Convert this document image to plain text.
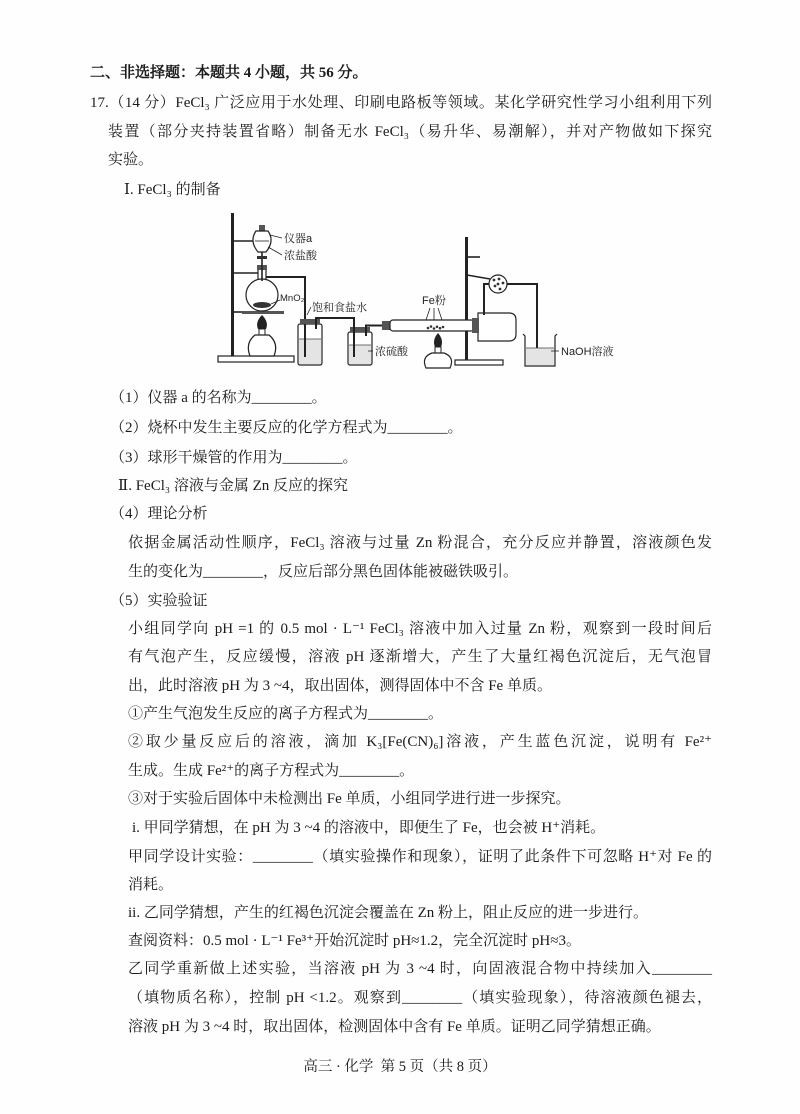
二、非选择题：本题共 4 小题，共 56 分。
17.（14 分）FeCl₃ 广泛应用于水处理、印刷电路板等领域。某化学研究性学习小组利用下列
装置（部分夹持装置省略）制备无水 FeCl₃（易升华、易潮解），并对产物做如下探究
实验。
Ⅰ. FeCl₃ 的制备
仪器a
浓盐酸
MnO₂
饱和食盐水
浓硫酸
Fe粉
NaOH溶液
（1）仪器 a 的名称为________。
（2）烧杯中发生主要反应的化学方程式为________。
（3）球形干燥管的作用为________。
Ⅱ. FeCl₃ 溶液与金属 Zn 反应的探究
（4）理论分析
依据金属活动性顺序，FeCl₃ 溶液与过量 Zn 粉混合，充分反应并静置，溶液颜色发
生的变化为________，反应后部分黑色固体能被磁铁吸引。
（5）实验验证
小组同学向 pH =1 的 0.5 mol · L⁻¹ FeCl₃ 溶液中加入过量 Zn 粉，观察到一段时间后
有气泡产生，反应缓慢，溶液 pH 逐渐增大，产生了大量红褐色沉淀后，无气泡冒
出，此时溶液 pH 为 3 ~4，取出固体，测得固体中不含 Fe 单质。
①产生气泡发生反应的离子方程式为________。
②取少量反应后的溶液，滴加 K₃[Fe(CN)₆]溶液，产生蓝色沉淀，说明有 Fe²⁺
生成。生成 Fe²⁺的离子方程式为________。
③对于实验后固体中未检测出 Fe 单质，小组同学进行进一步探究。
i. 甲同学猜想，在 pH 为 3 ~4 的溶液中，即便生了 Fe，也会被 H⁺消耗。
甲同学设计实验：________（填实验操作和现象），证明了此条件下可忽略 H⁺对 Fe 的
消耗。
ii. 乙同学猜想，产生的红褐色沉淀会覆盖在 Zn 粉上，阻止反应的进一步进行。
查阅资料：0.5 mol · L⁻¹ Fe³⁺开始沉淀时 pH≈1.2，完全沉淀时 pH≈3。
乙同学重新做上述实验，当溶液 pH 为 3 ~4 时，向固液混合物中持续加入________
（填物质名称），控制 pH <1.2。观察到________（填实验现象），待溶液颜色褪去，
溶液 pH 为 3 ~4 时，取出固体，检测固体中含有 Fe 单质。证明乙同学猜想正确。
高三 · 化学  第 5 页（共 8 页）
